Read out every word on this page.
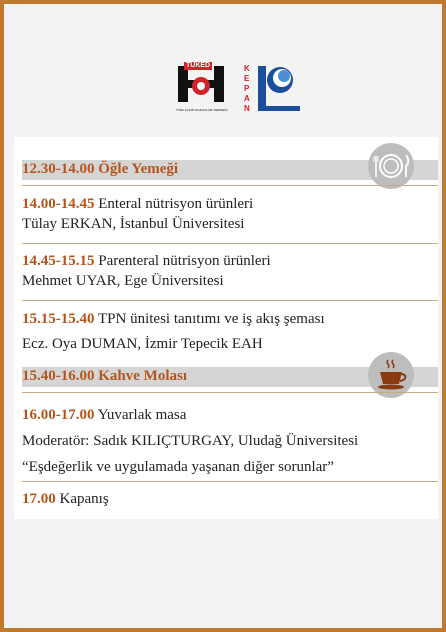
TÜKED
TÜRK KLİNİK ECZACILARI DERNEĞİ
KEPAN
12.30-14.00 Öğle Yemeği
14.00-14.45 Enteral nütrisyon ürünleri
Tülay ERKAN, İstanbul Üniversitesi
14.45-15.15 Parenteral nütrisyon ürünleri
Mehmet UYAR, Ege Üniversitesi
15.15-15.40 TPN ünitesi tanıtımı ve iş akış şeması
Ecz. Oya DUMAN, İzmir Tepecik EAH
15.40-16.00 Kahve Molası
16.00-17.00 Yuvarlak masa
Moderatör: Sadık KILIÇTURGAY, Uludağ Üniversitesi
“Eşdeğerlik ve uygulamada yaşanan diğer sorunlar”
17.00 Kapanış
